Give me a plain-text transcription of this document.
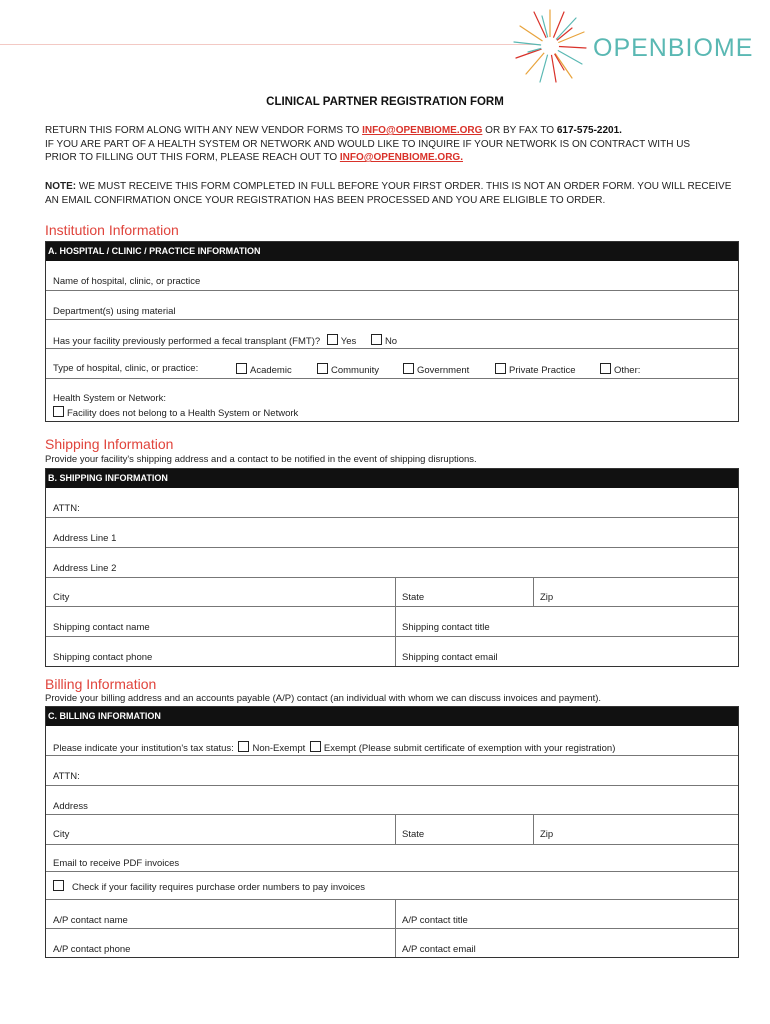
OPENBIOME
CLINICAL PARTNER REGISTRATION FORM
RETURN THIS FORM ALONG WITH ANY NEW VENDOR FORMS TO INFO@OPENBIOME.ORG OR BY FAX TO 617-575-2201.
IF YOU ARE PART OF A HEALTH SYSTEM OR NETWORK AND WOULD LIKE TO INQUIRE IF YOUR NETWORK IS ON CONTRACT WITH US
PRIOR TO FILLING OUT THIS FORM, PLEASE REACH OUT TO INFO@OPENBIOME.ORG.
NOTE: WE MUST RECEIVE THIS FORM COMPLETED IN FULL BEFORE YOUR FIRST ORDER. THIS IS NOT AN ORDER FORM. YOU WILL RECEIVE AN EMAIL CONFIRMATION ONCE YOUR REGISTRATION HAS BEEN PROCESSED AND YOU ARE ELIGIBLE TO ORDER.
Institution Information
A. HOSPITAL / CLINIC / PRACTICE INFORMATION
Name of hospital, clinic, or practice
Department(s) using material
Has your facility previously performed a fecal transplant (FMT)? Yes	No
Type of hospital, clinic, or practice:	Academic	Community	Government	Private Practice	Other:
Health System or Network:
Facility does not belong to a Health System or Network
Shipping Information
Provide your facility's shipping address and a contact to be notified in the event of shipping disruptions.
B. SHIPPING INFORMATION
ATTN:
Address Line 1
Address Line 2
City	State	Zip
Shipping contact name	Shipping contact title
Shipping contact phone	Shipping contact email
Billing Information
Provide your billing address and an accounts payable (A/P) contact (an individual with whom we can discuss invoices and payment).
C. BILLING INFORMATION
Please indicate your institution's tax status: Non-Exempt Exempt (Please submit certificate of exemption with your registration)
ATTN:
Address
City	State	Zip
Email to receive PDF invoices
Check if your facility requires purchase order numbers to pay invoices
A/P contact name	A/P contact title
A/P contact phone	A/P contact email
